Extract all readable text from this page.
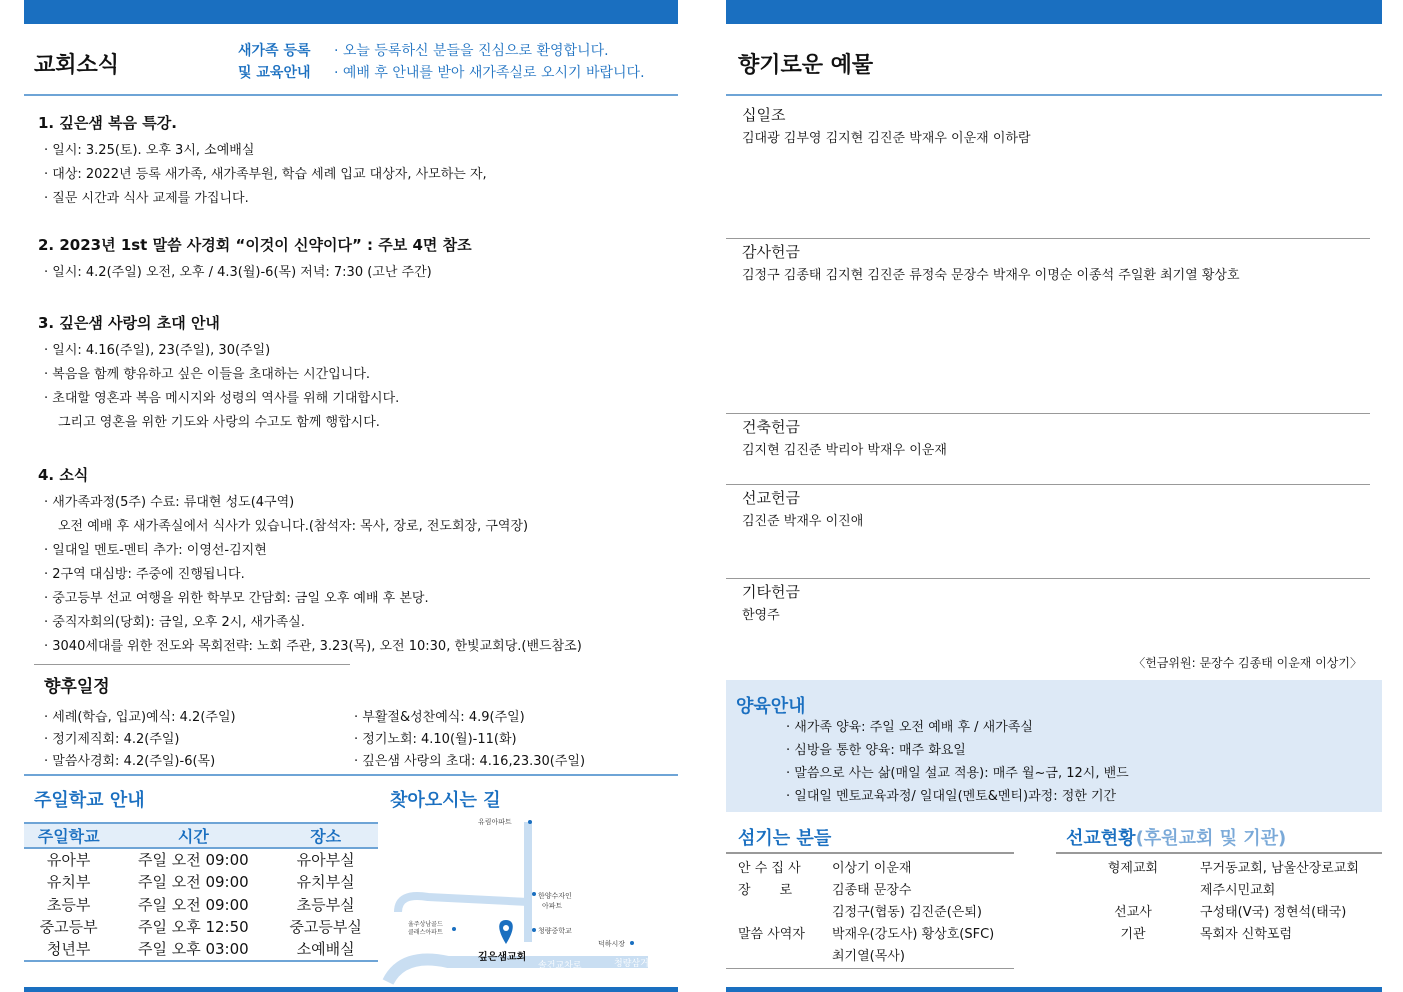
교회소식
새가족 등록
및 교육안내
· 오늘 등록하신 분들을 진심으로 환영합니다.
· 예배 후 안내를 받아 새가족실로 오시기 바랍니다.
1. 깊은샘 복음 특강.
· 일시: 3.25(토). 오후 3시, 소예배실
· 대상: 2022년 등록 새가족, 새가족부원, 학습 세례 입교 대상자, 사모하는 자,
· 질문 시간과 식사 교제를 가집니다.
2. 2023년 1st 말씀 사경회 “이것이 신약이다” : 주보 4면 참조
· 일시: 4.2(주일) 오전, 오후 / 4.3(월)-6(목) 저녁: 7:30 (고난 주간)
3. 깊은샘 사랑의 초대 안내
· 일시: 4.16(주일), 23(주일), 30(주일)
· 복음을 함께 향유하고 싶은 이들을 초대하는 시간입니다.
· 초대할 영혼과 복음 메시지와 성령의 역사를 위해 기대합시다.
그리고 영혼을 위한 기도와 사랑의 수고도 함께 행합시다.
4. 소식
· 새가족과정(5주) 수료: 류대현 성도(4구역)
오전 예배 후 새가족실에서 식사가 있습니다.(참석자: 목사, 장로, 전도회장, 구역장)
· 일대일 멘토-멘티 추가: 이영선-김지현
· 2구역 대심방: 주중에 진행됩니다.
· 중고등부 선교 여행을 위한 학부모 간담회: 금일 오후 예배 후 본당.
· 중직자회의(당회): 금일, 오후 2시, 새가족실.
· 3040세대를 위한 전도와 목회전략: 노회 주관, 3.23(목), 오전 10:30, 한빛교회당.(밴드참조)
향후일정
· 세례(학습, 입교)예식: 4.2(주일)
· 정기제직회: 4.2(주일)
· 말씀사경회: 4.2(주일)-6(목)
· 부활절&성찬예식: 4.9(주일)
· 정기노회: 4.10(월)-11(화)
· 깊은샘 사랑의 초대: 4.16,23.30(주일)
주일학교 안내	찾아오시는 길
주일학교	시간	장소
유아부	주일 오전 09:00	유아부실
유치부	주일 오전 09:00	유치부실
초등부	주일 오전 09:00	초등부실
중고등부	주일 오후 12:50	중고등부실
청년부	주일 오후 03:00	소예배실
유림아파트
한양수자인
아파트
율주상남골드
클래스아파트	청량중학교
덕하시장
깊은샘교회
솔건교차로	청량삼거리
향기로운 예물
십일조
김대광 김부영 김지현 김진준 박재우 이운재 이하람
감사헌금
김정구 김종태 김지현 김진준 류정숙 문장수 박재우 이명순 이종석 주일환 최기열 황상호
건축헌금
김지현 김진준 박리아 박재우 이운재
선교헌금
김진준 박재우 이진애
기타헌금
한영주
〈헌금위원: 문장수 김종태 이운재 이상기〉
양육안내
· 새가족 양육: 주일 오전 예배 후 / 새가족실
· 심방을 통한 양육: 매주 화요일
· 말씀으로 사는 삶(매일 설교 적용): 매주 월~금, 12시, 밴드
· 일대일 멘토교육과정/ 일대일(멘토&멘티)과정: 정한 기간
섬기는 분들	선교현황(후원교회 및 기관)
안 수 집 사	이상기 이운재
장       로	김종태 문장수
김정구(협동) 김진준(은퇴)
말씀 사역자	박재우(강도사) 황상호(SFC)
최기열(목사)
형제교회	무거동교회, 남울산장로교회
제주시민교회
선교사	구성태(V국) 정현석(태국)
기관	목회자 신학포럼
